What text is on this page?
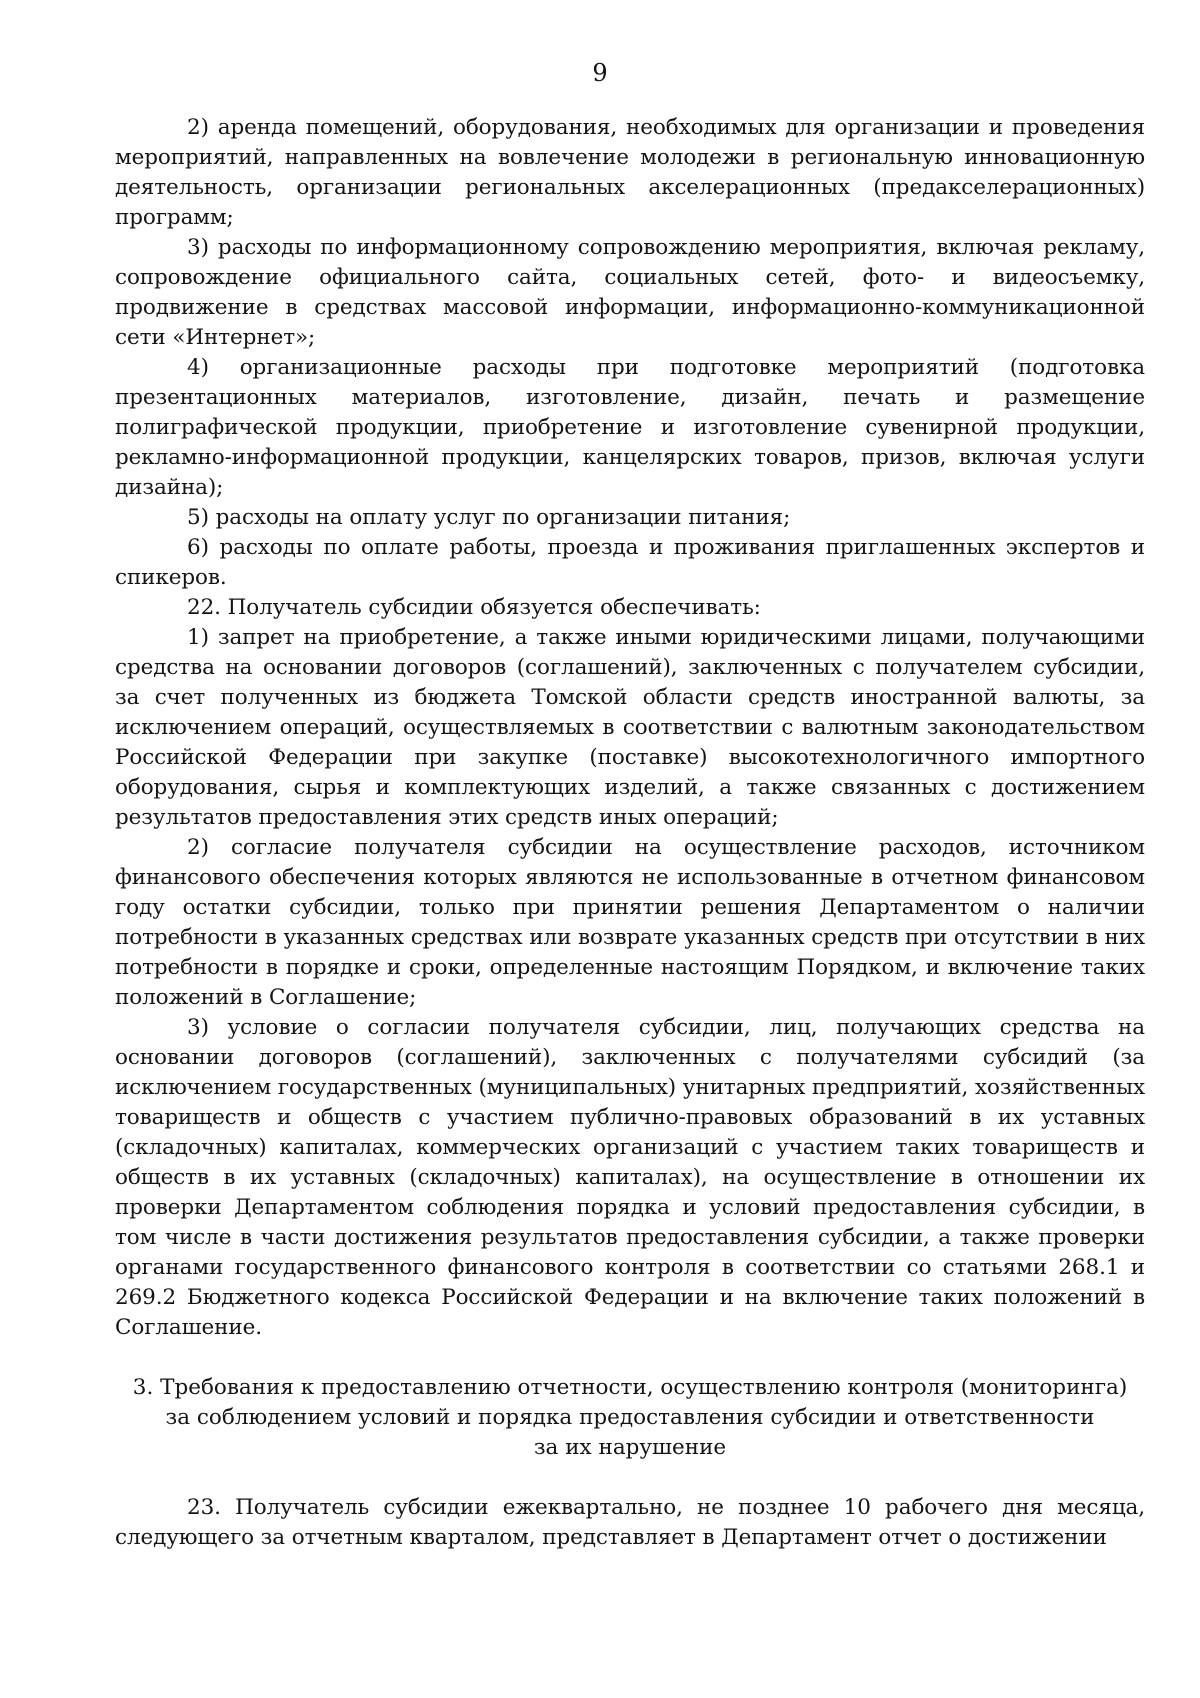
9

2) аренда помещений, оборудования, необходимых для организации и проведения мероприятий, направленных на вовлечение молодежи в региональную инновационную деятельность, организации региональных акселерационных (предакселерационных) программ;

3) расходы по информационному сопровождению мероприятия, включая рекламу, сопровождение официального сайта, социальных сетей, фото- и видеосъемку, продвижение в средствах массовой информации, информационно-коммуникационной сети «Интернет»;

4) организационные расходы при подготовке мероприятий (подготовка презентационных материалов, изготовление, дизайн, печать и размещение полиграфической продукции, приобретение и изготовление сувенирной продукции, рекламно-информационной продукции, канцелярских товаров, призов, включая услуги дизайна);

5) расходы на оплату услуг по организации питания;

6) расходы по оплате работы, проезда и проживания приглашенных экспертов и спикеров.

22. Получатель субсидии обязуется обеспечивать:

1) запрет на приобретение, а также иными юридическими лицами, получающими средства на основании договоров (соглашений), заключенных с получателем субсидии, за счет полученных из бюджета Томской области средств иностранной валюты, за исключением операций, осуществляемых в соответствии с валютным законодательством Российской Федерации при закупке (поставке) высокотехнологичного импортного оборудования, сырья и комплектующих изделий, а также связанных с достижением результатов предоставления этих средств иных операций;

2) согласие получателя субсидии на осуществление расходов, источником финансового обеспечения которых являются не использованные в отчетном финансовом году остатки субсидии, только при принятии решения Департаментом о наличии потребности в указанных средствах или возврате указанных средств при отсутствии в них потребности в порядке и сроки, определенные настоящим Порядком, и включение таких положений в Соглашение;

3) условие о согласии получателя субсидии, лиц, получающих средства на основании договоров (соглашений), заключенных с получателями субсидий (за исключением государственных (муниципальных) унитарных предприятий, хозяйственных товариществ и обществ с участием публично-правовых образований в их уставных (складочных) капиталах, коммерческих организаций с участием таких товариществ и обществ в их уставных (складочных) капиталах), на осуществление в отношении их проверки Департаментом соблюдения порядка и условий предоставления субсидии, в том числе в части достижения результатов предоставления субсидии, а также проверки органами государственного финансового контроля в соответствии со статьями 268.1 и 269.2 Бюджетного кодекса Российской Федерации и на включение таких положений в Соглашение.

3. Требования к предоставлению отчетности, осуществлению контроля (мониторинга)
за соблюдением условий и порядка предоставления субсидии и ответственности
за их нарушение

23. Получатель субсидии ежеквартально, не позднее 10 рабочего дня месяца, следующего за отчетным кварталом, представляет в Департамент отчет о достижении
